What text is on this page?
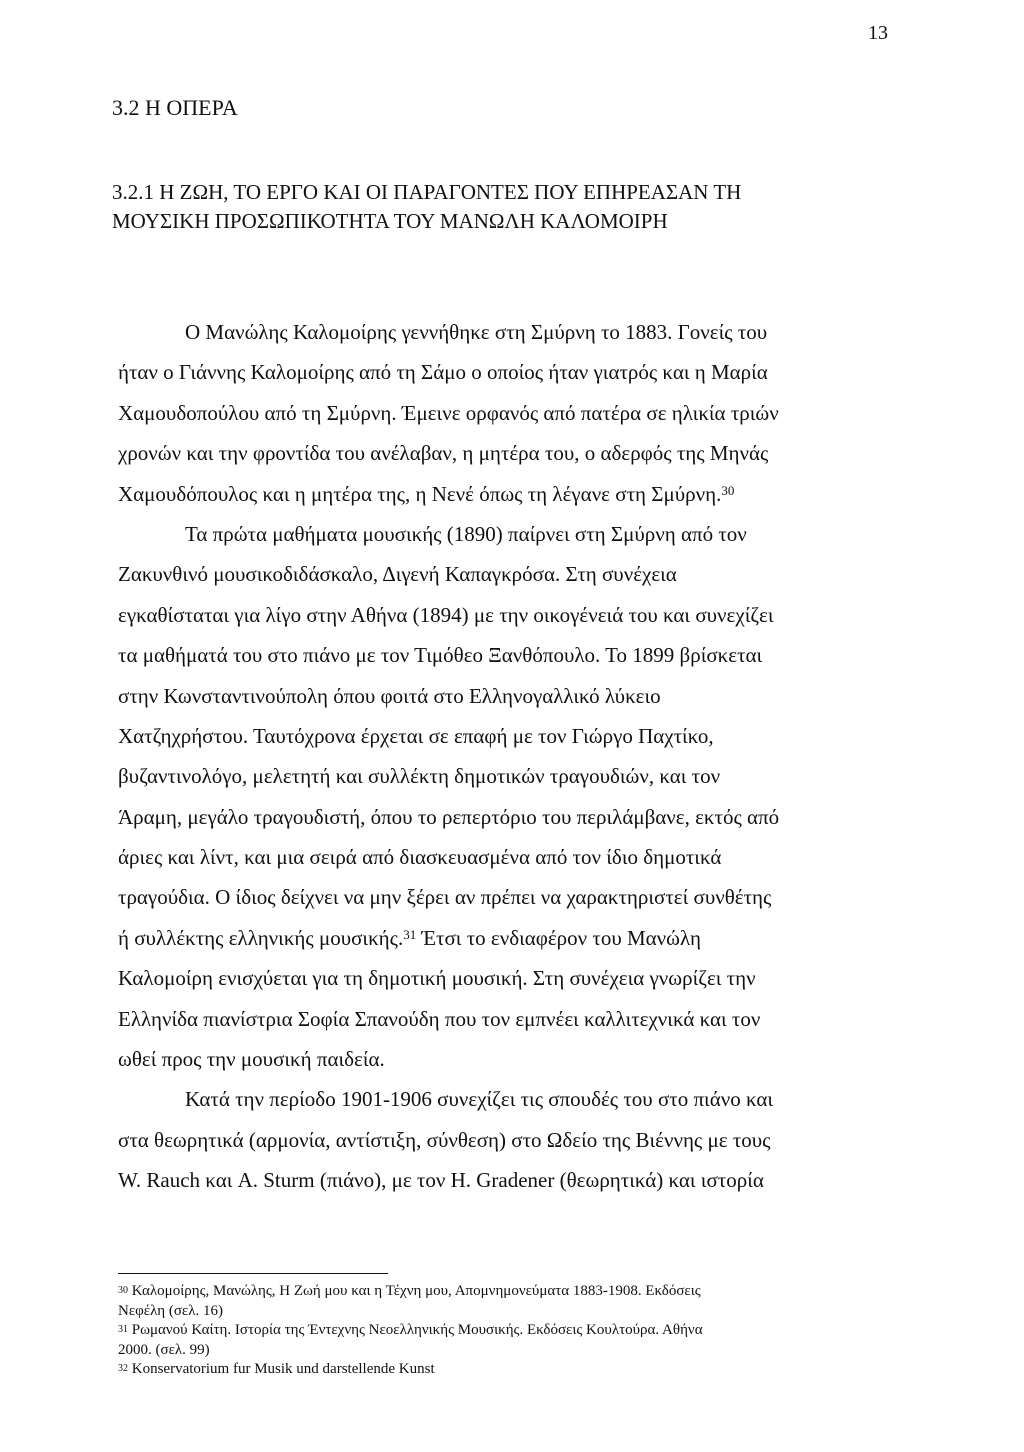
13
3.2 Η ΟΠΕΡΑ
3.2.1 Η ΖΩΗ, ΤΟ ΕΡΓΟ ΚΑΙ ΟΙ ΠΑΡΑΓΟΝΤΕΣ ΠΟΥ ΕΠΗΡΕΑΣΑΝ ΤΗ
ΜΟΥΣΙΚΗ ΠΡΟΣΩΠΙΚΟΤΗΤΑ ΤΟΥ ΜΑΝΩΛΗ ΚΑΛΟΜΟΙΡΗ
Ο Μανώλης Καλομοίρης γεννήθηκε στη Σμύρνη το 1883. Γονείς του
ήταν ο Γιάννης Καλομοίρης από τη Σάμο ο οποίος ήταν γιατρός και η Μαρία
Χαμουδοπούλου από τη Σμύρνη. Έμεινε ορφανός από πατέρα σε ηλικία τριών
χρονών και την φροντίδα του ανέλαβαν, η μητέρα του, ο αδερφός της Μηνάς
Χαμουδόπουλος και η μητέρα της, η Νενέ όπως τη λέγανε στη Σμύρνη.$^{30}$
Τα πρώτα μαθήματα μουσικής (1890) παίρνει στη Σμύρνη από τον
Ζακυνθινό μουσικοδιδάσκαλο, Διγενή Καπαγκρόσα. Στη συνέχεια
εγκαθίσταται για λίγο στην Αθήνα (1894) με την οικογένειά του και συνεχίζει
τα μαθήματά του στο πιάνο με τον Τιμόθεο Ξανθόπουλο. Το 1899 βρίσκεται
στην Κωνσταντινούπολη όπου φοιτά στο Ελληνογαλλικό λύκειο
Χατζηχρήστου. Ταυτόχρονα έρχεται σε επαφή με τον Γιώργο Παχτίκο,
βυζαντινολόγο, μελετητή και συλλέκτη δημοτικών τραγουδιών, και τον
Άραμη, μεγάλο τραγουδιστή, όπου το ρεπερτόριο του περιλάμβανε, εκτός από
άριες και λίντ, και μια σειρά από διασκευασμένα από τον ίδιο δημοτικά
τραγούδια. Ο ίδιος δείχνει να μην ξέρει αν πρέπει να χαρακτηριστεί συνθέτης
ή συλλέκτης ελληνικής μουσικής.$^{31}$ Έτσι το ενδιαφέρον του Μανώλη
Καλομοίρη ενισχύεται για τη δημοτική μουσική. Στη συνέχεια γνωρίζει την
Ελληνίδα πιανίστρια Σοφία Σπανούδη που τον εμπνέει καλλιτεχνικά και τον
ωθεί προς την μουσική παιδεία.
Κατά την περίοδο 1901-1906 συνεχίζει τις σπουδές του στο πιάνο και
στα θεωρητικά (αρμονία, αντίστιξη, σύνθεση) στο Ωδείο της Βιέννης με τους
W. Rauch και A. Sturm (πιάνο), με τον H. Gradener (θεωρητικά) και ιστορία
$^{30}$ Καλομοίρης, Μανώλης, Η Ζωή μου και η Τέχνη μου, Απομνημονεύματα 1883-1908. Εκδόσεις
Νεφέλη (σελ. 16)
$^{31}$ Ρωμανού Καίτη. Ιστορία της Έντεχνης Νεοελληνικής Μουσικής. Εκδόσεις Κουλτούρα. Αθήνα
2000. (σελ. 99)
$^{32}$ Konservatorium fur Musik und darstellende Kunst
